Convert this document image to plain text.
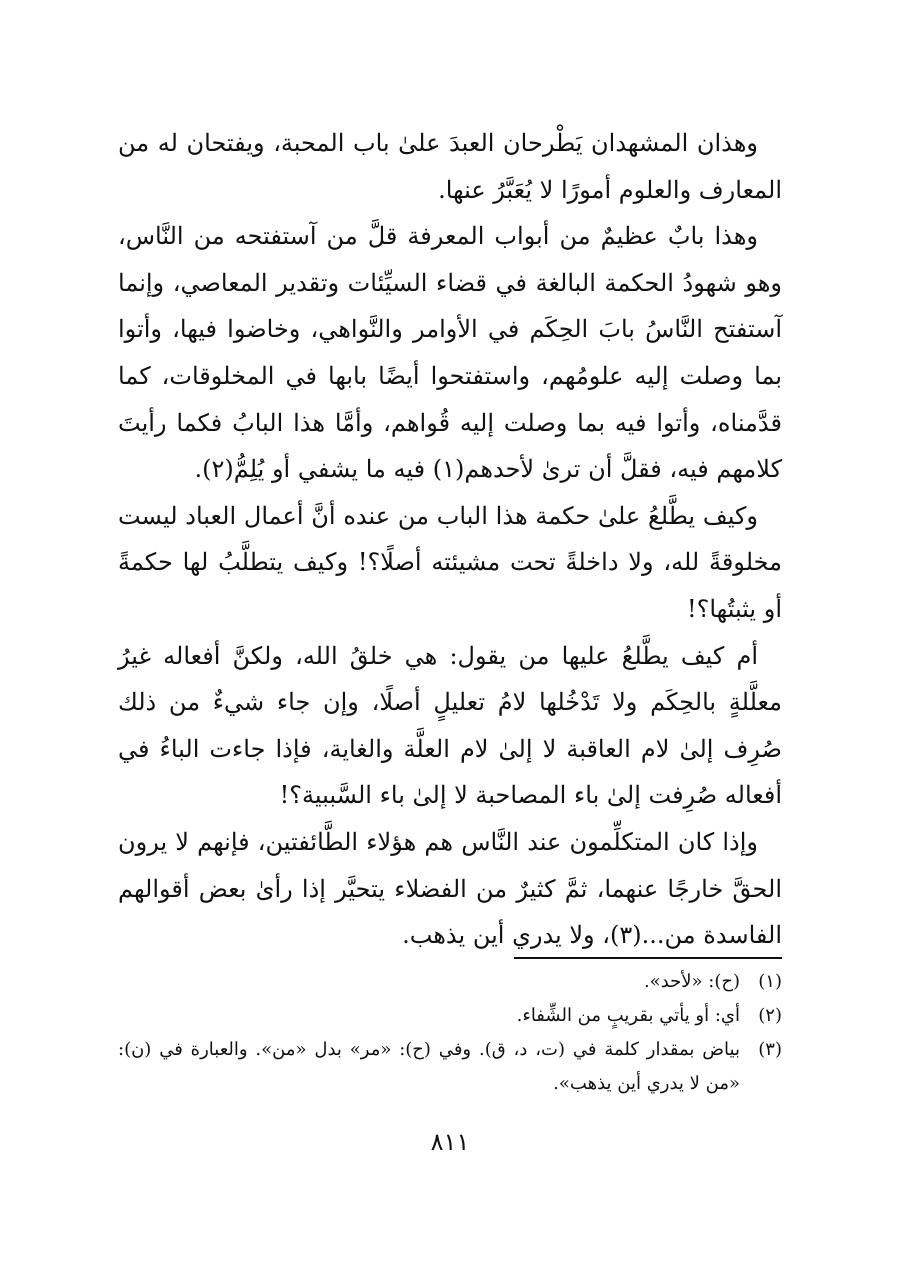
وهذان المشهدان يَطْرحان العبدَ علىٰ باب المحبة، ويفتحان له من المعارف والعلوم أمورًا لا يُعَبَّرُ عنها.

وهذا بابٌ عظيمٌ من أبواب المعرفة قلَّ من آستفتحه من النَّاس، وهو شهودُ الحكمة البالغة في قضاء السيِّئات وتقدير المعاصي، وإنما آستفتح النَّاسُ بابَ الحِكَم في الأوامر والنَّواهي، وخاضوا فيها، وأتوا بما وصلت إليه علومُهم، واستفتحوا أيضًا بابها في المخلوقات، كما قدَّمناه، وأتوا فيه بما وصلت إليه قُواهم، وأمَّا هذا البابُ فكما رأيتَ كلامهم فيه، فقلَّ أن ترىٰ لأحدهم(١) فيه ما يشفي أو يُلِمُّ(٢).

وكيف يطَّلعُ علىٰ حكمة هذا الباب من عنده أنَّ أعمال العباد ليست مخلوقةً لله، ولا داخلةً تحت مشيئته أصلًا؟! وكيف يتطلَّبُ لها حكمةً أو يثبتُها؟!

أم كيف يطَّلعُ عليها من يقول: هي خلقُ الله، ولكنَّ أفعاله غيرُ معلَّلةٍ بالحِكَم ولا تَدْخُلها لامُ تعليلٍ أصلًا، وإن جاء شيءٌ من ذلك صُرِف إلىٰ لام العاقبة لا إلىٰ لام العلَّة والغاية، فإذا جاءت الباءُ في أفعاله صُرِفت إلىٰ باء المصاحبة لا إلىٰ باء السَّببية؟!

وإذا كان المتكلِّمون عند النَّاس هم هؤلاء الطَّائفتين، فإنهم لا يرون الحقَّ خارجًا عنهما، ثمَّ كثيرٌ من الفضلاء يتحيَّر إذا رأىٰ بعض أقوالهم الفاسدة من...(٣)، ولا يدري أين يذهب.

(١)
(ح): «لأحد».
(٢)
أي: أو يأتي بقريبٍ من الشِّفاء.
(٣)
بياض بمقدار كلمة في (ت، د، ق). وفي (ح): «مر» بدل «من». والعبارة في (ن): «من لا يدري أين يذهب».
٨١١
